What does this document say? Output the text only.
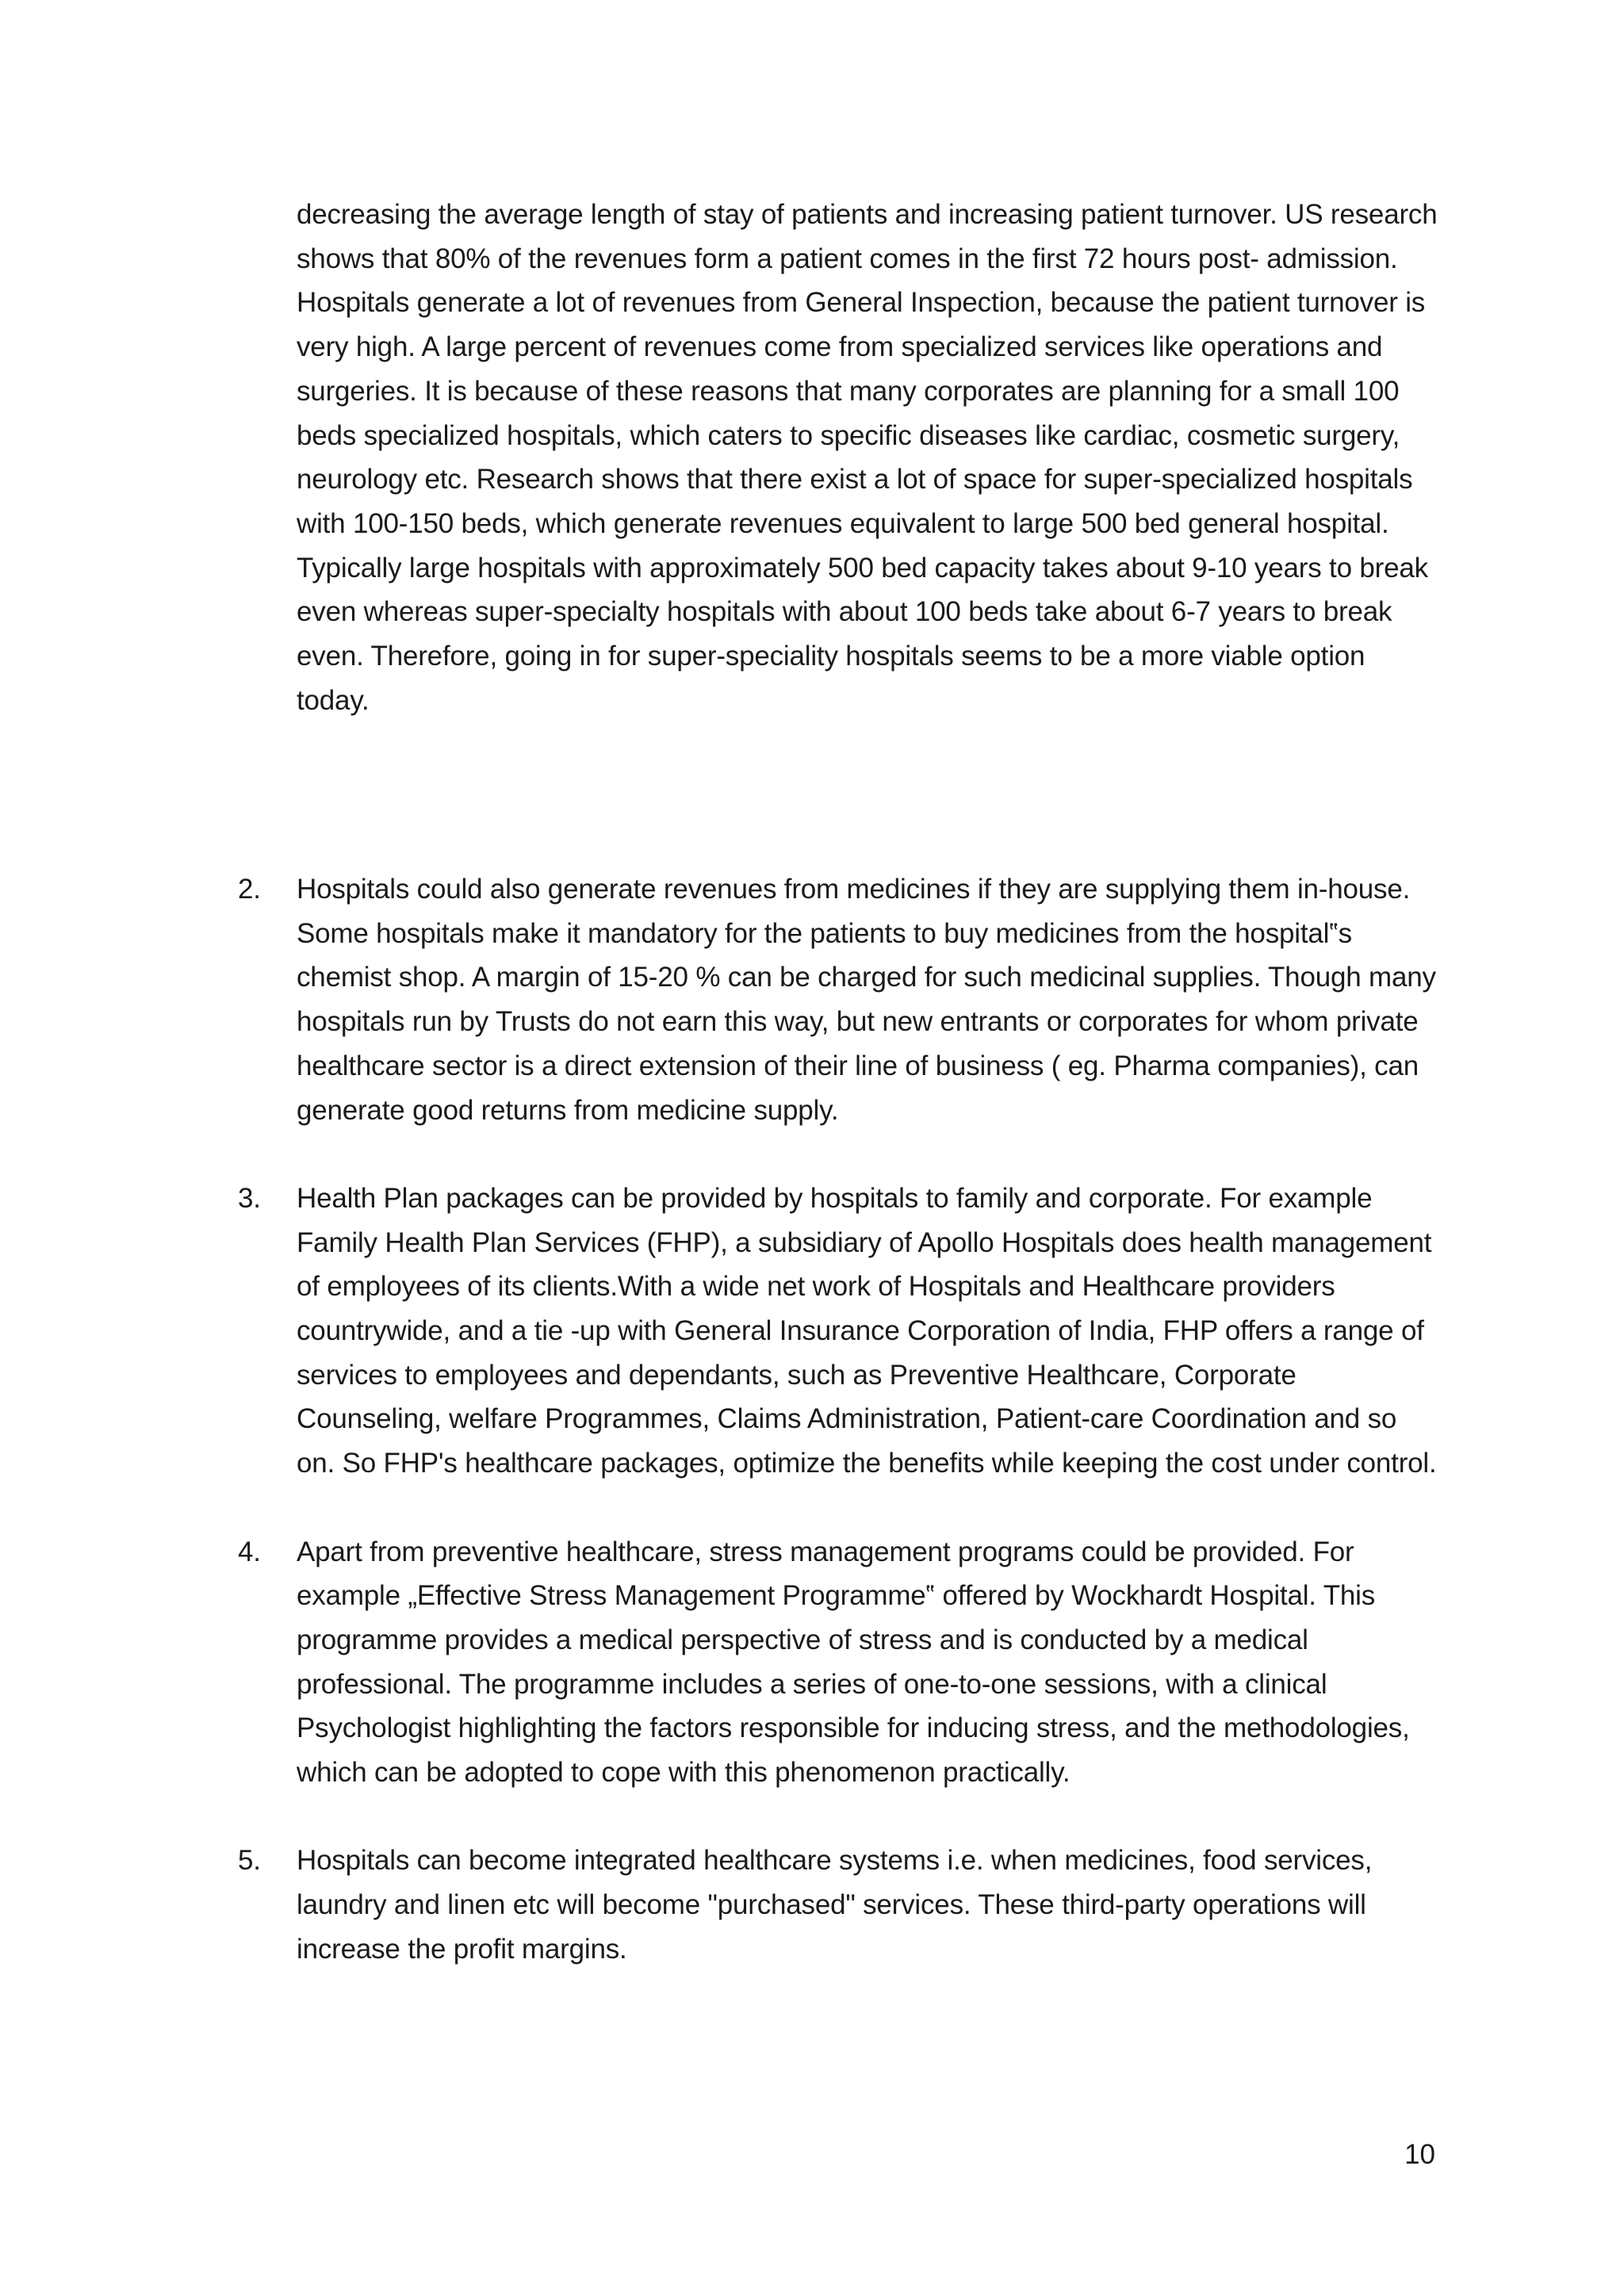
decreasing the average length of stay of patients and increasing patient turnover. US research shows that 80% of the revenues form a patient comes in the first 72 hours post- admission. Hospitals generate a lot of revenues from General Inspection, because the patient turnover is very high. A large percent of revenues come from specialized services like operations and surgeries. It is because of these reasons that many corporates are planning for a small 100 beds specialized hospitals, which caters to specific diseases like cardiac, cosmetic surgery, neurology etc. Research shows that there exist a lot of space for super-specialized hospitals with 100-150 beds, which generate revenues equivalent to large 500 bed general hospital. Typically large hospitals with approximately 500 bed capacity takes about 9-10 years to break even whereas super-specialty hospitals with about 100 beds take about 6-7 years to break even. Therefore, going in for super-speciality hospitals seems to be a more viable option today.

2.	Hospitals could also generate revenues from medicines if they are supplying them in-house. Some hospitals make it mandatory for the patients to buy medicines from the hospital‟s chemist shop. A margin of 15-20 % can be charged for such medicinal supplies. Though many hospitals run by Trusts do not earn this way, but new entrants or corporates for whom private healthcare sector is a direct extension of their line of business ( eg. Pharma companies), can generate good returns from medicine supply.
3.	Health Plan packages can be provided by hospitals to family and corporate. For example Family Health Plan Services (FHP), a subsidiary of Apollo Hospitals does health management of employees of its clients.With a wide net work of Hospitals and Healthcare providers countrywide, and a tie -up with General Insurance Corporation of India, FHP offers a range of services to employees and dependants, such as Preventive Healthcare, Corporate Counseling, welfare Programmes, Claims Administration, Patient-care Coordination and so on. So FHP's healthcare packages, optimize the benefits while keeping the cost under control.
4.	Apart from preventive healthcare, stress management programs could be provided. For example „Effective Stress Management Programme‟ offered by Wockhardt Hospital. This programme provides a medical perspective of stress and is conducted by a medical professional. The programme includes a series of one-to-one sessions, with a clinical Psychologist highlighting the factors responsible for inducing stress, and the methodologies, which can be adopted to cope with this phenomenon practically.
5.	Hospitals can become integrated healthcare systems i.e. when medicines, food services, laundry and linen etc will become "purchased" services. These third-party operations will increase the profit margins.
10
